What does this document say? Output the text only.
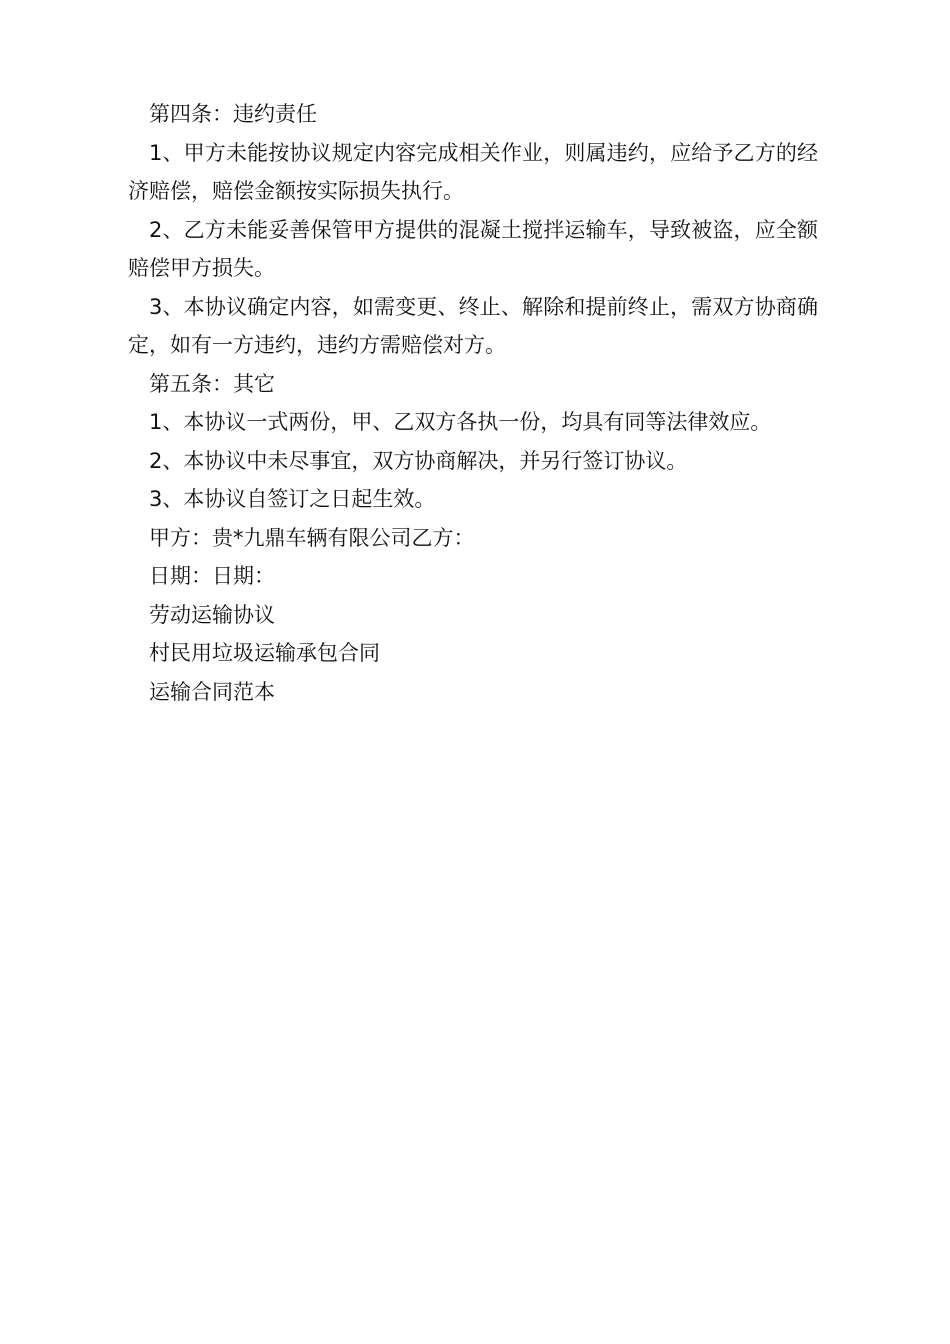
第四条：违约责任

1、甲方未能按协议规定内容完成相关作业，则属违约，应给予乙方的经济赔偿，赔偿金额按实际损失执行。

2、乙方未能妥善保管甲方提供的混凝土搅拌运输车，导致被盗，应全额赔偿甲方损失。

3、本协议确定内容，如需变更、终止、解除和提前终止，需双方协商确定，如有一方违约，违约方需赔偿对方。

第五条：其它

1、本协议一式两份，甲、乙双方各执一份，均具有同等法律效应。

2、本协议中未尽事宜，双方协商解决，并另行签订协议。

3、本协议自签订之日起生效。

甲方：贵*九鼎车辆有限公司乙方：

日期：日期：

劳动运输协议

村民用垃圾运输承包合同

运输合同范本
